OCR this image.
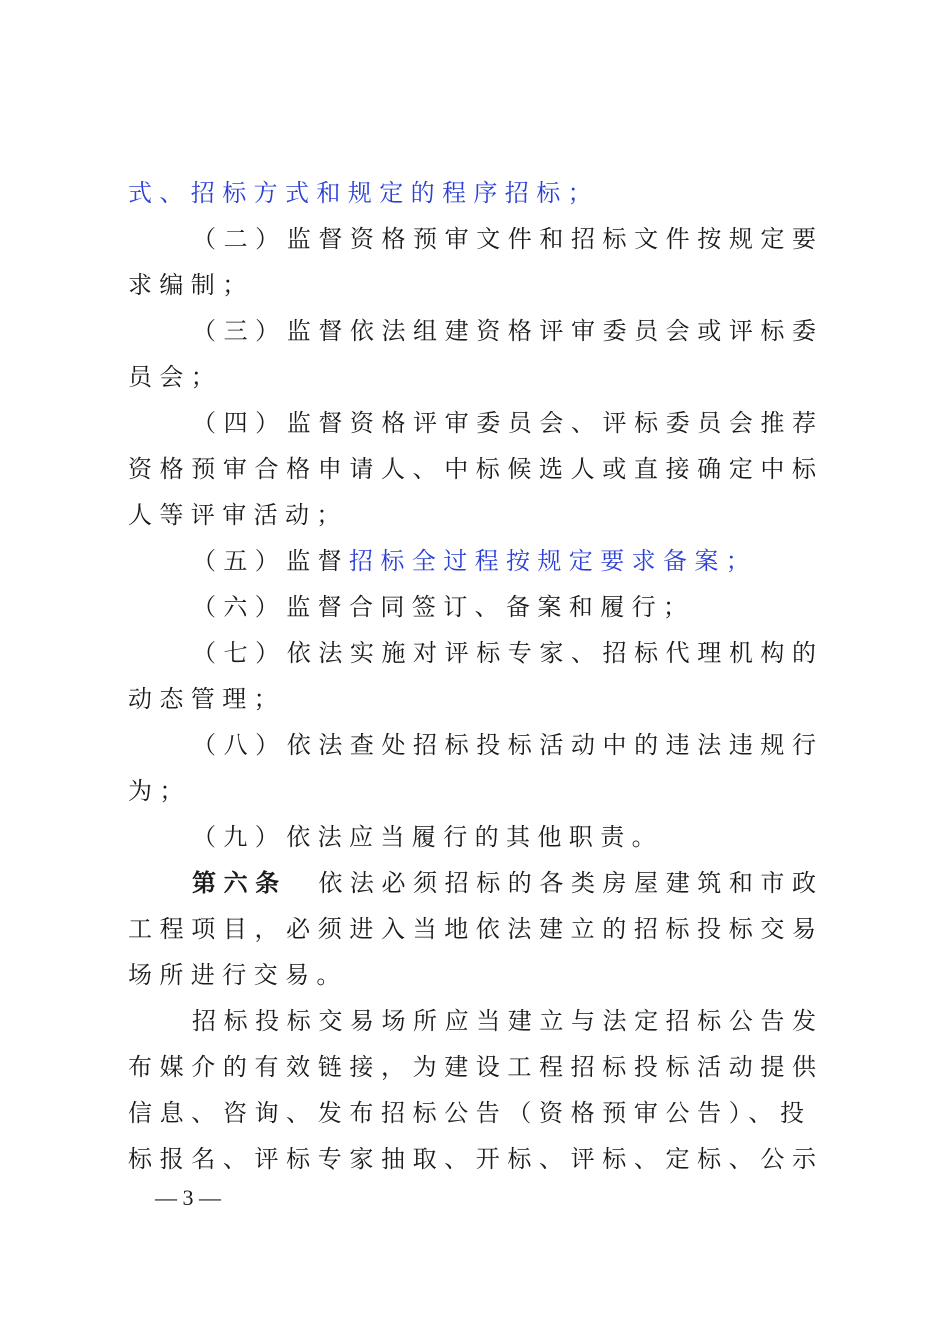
式、招标方式和规定的程序招标；
（二）监督资格预审文件和招标文件按规定要
求编制；
（三）监督依法组建资格评审委员会或评标委
员会；
（四）监督资格评审委员会、评标委员会推荐
资格预审合格申请人、中标候选人或直接确定中标
人等评审活动；
（五）监督招标全过程按规定要求备案；
（六）监督合同签订、备案和履行；
（七）依法实施对评标专家、招标代理机构的
动态管理；
（八）依法查处招标投标活动中的违法违规行
为；
（九）依法应当履行的其他职责。
第六条　依法必须招标的各类房屋建筑和市政
工程项目，必须进入当地依法建立的招标投标交易
场所进行交易。
招标投标交易场所应当建立与法定招标公告发
布媒介的有效链接，为建设工程招标投标活动提供
信息、咨询、发布招标公告（资格预审公告）、投
标报名、评标专家抽取、开标、评标、定标、公示
— 3 —
